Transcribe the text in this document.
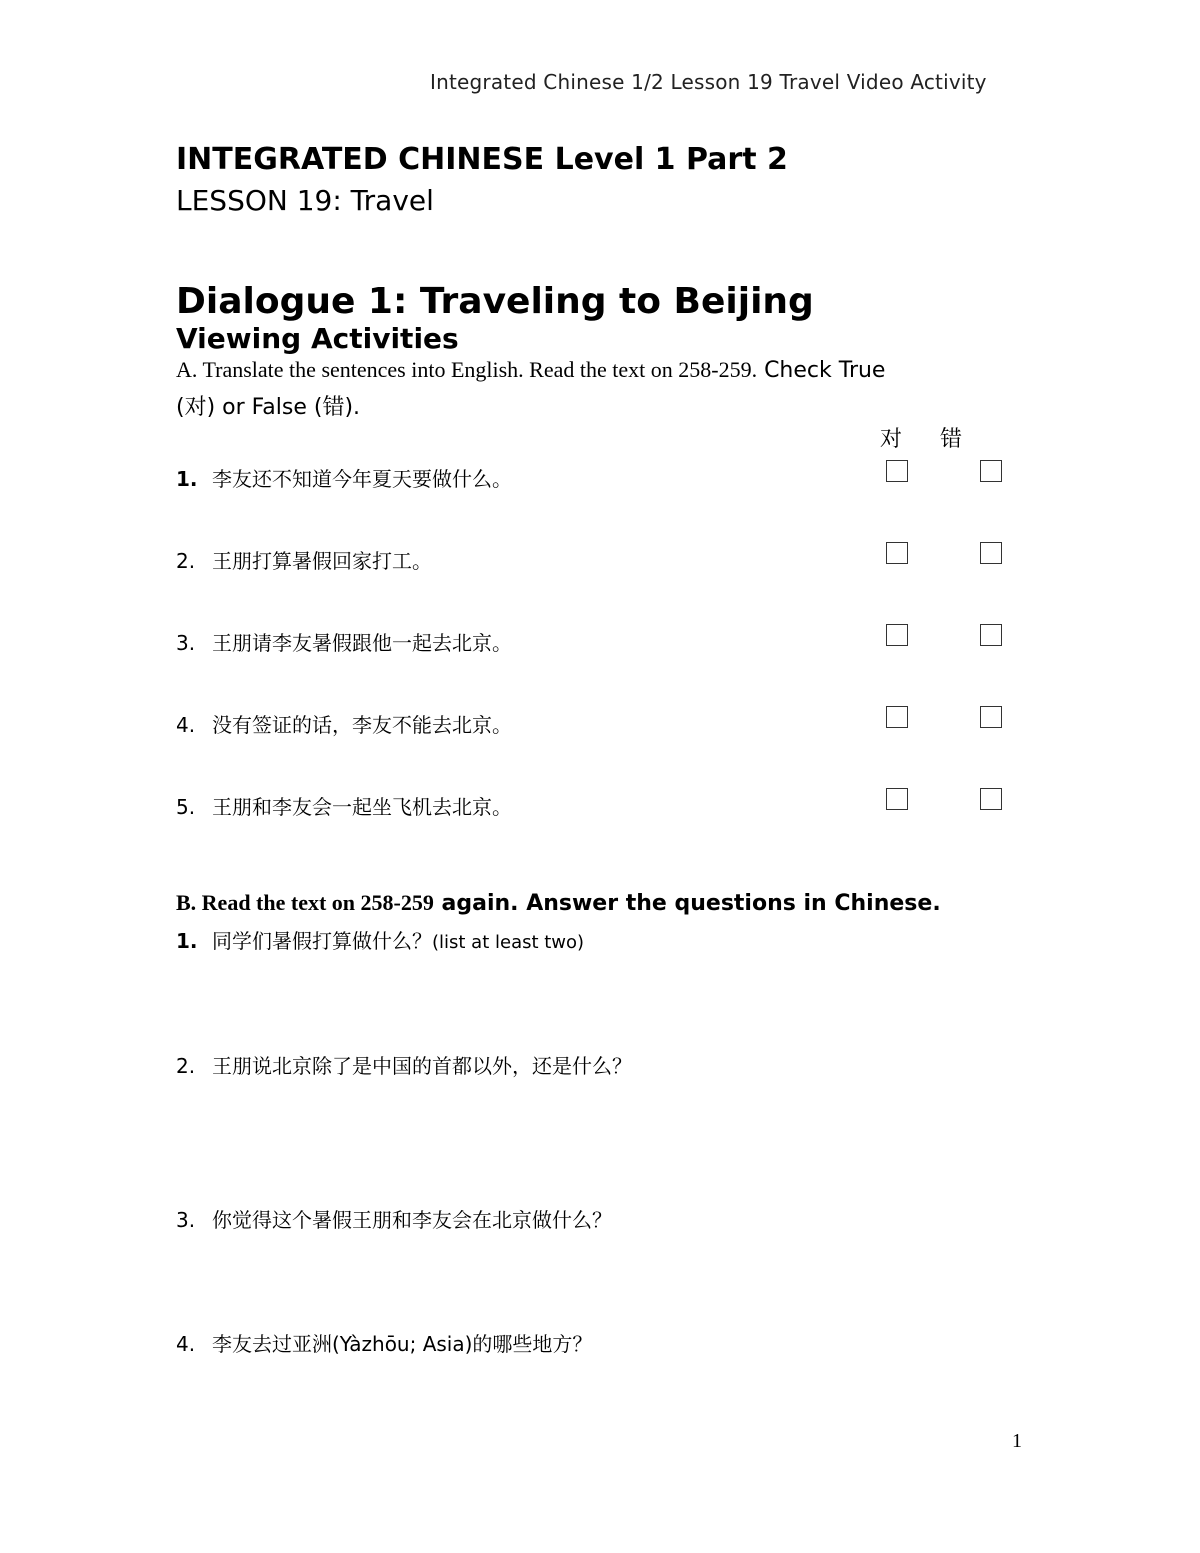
Integrated Chinese 1/2 Lesson 19 Travel Video Activity
INTEGRATED CHINESE Level 1 Part 2
LESSON 19: Travel
Dialogue 1: Traveling to Beijing
Viewing Activities
A. Translate the sentences into English. Read the text on 258-259. Check True
(对) or False (错).
对 错
1. 李友还不知道今年夏天要做什么。
2. 王朋打算暑假回家打工。
3. 王朋请李友暑假跟他一起去北京。
4. 没有签证的话，李友不能去北京。
5. 王朋和李友会一起坐飞机去北京。
B. Read the text on 258-259 again. Answer the questions in Chinese.
1. 同学们暑假打算做什么？(list at least two)
2. 王朋说北京除了是中国的首都以外，还是什么？
3. 你觉得这个暑假王朋和李友会在北京做什么？
4. 李友去过亚洲(Yàzhōu; Asia)的哪些地方？
1
